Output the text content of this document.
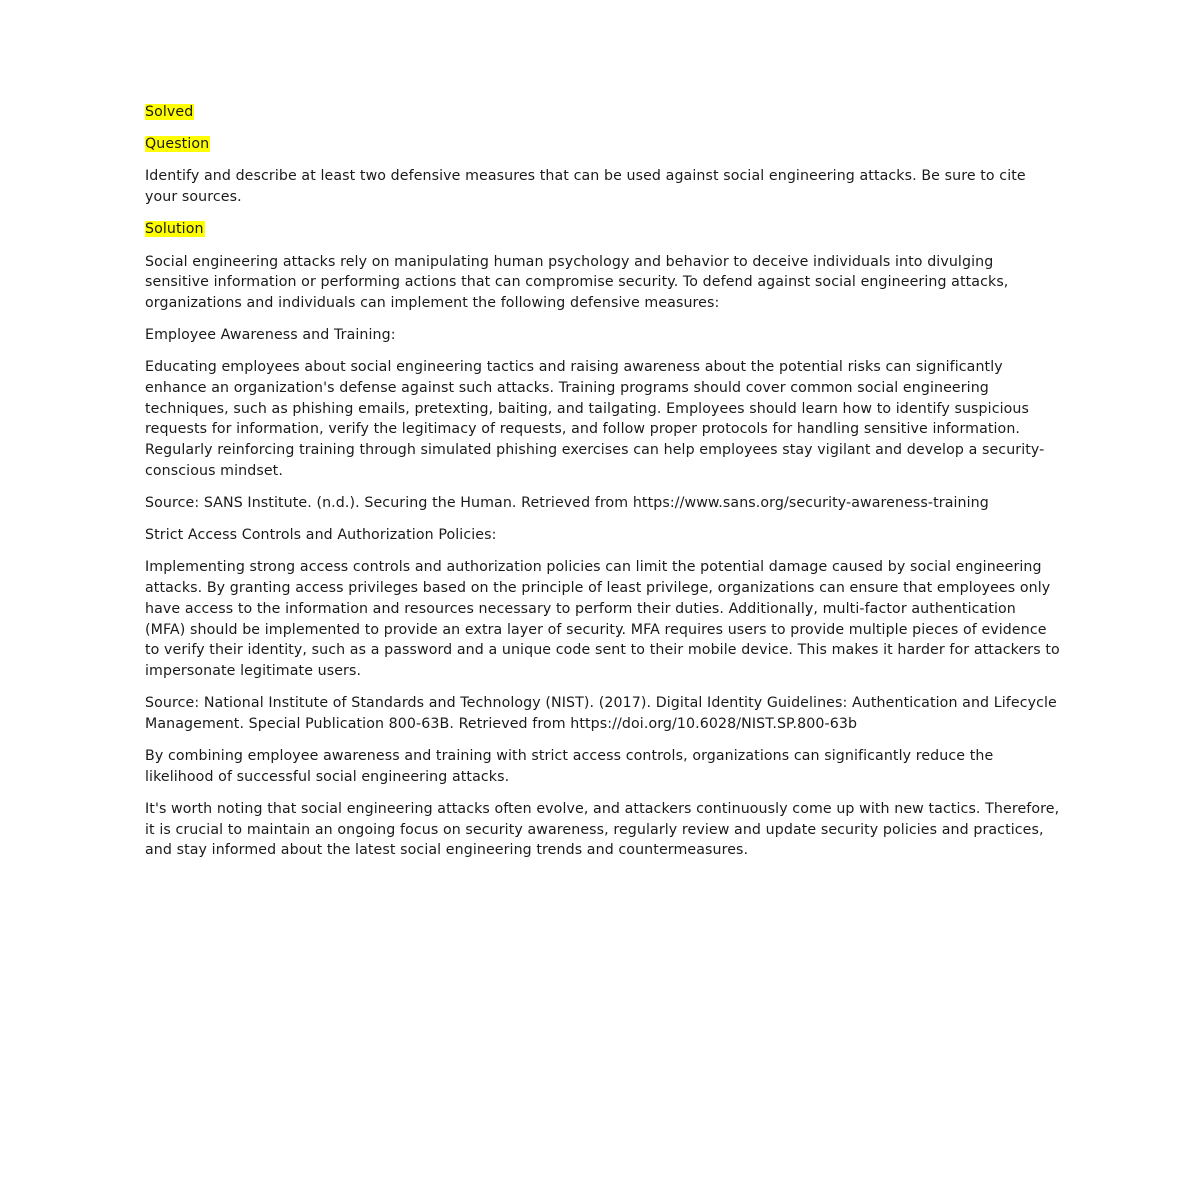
Solved

Question

Identify and describe at least two defensive measures that can be used against social engineering attacks. Be sure to cite your sources.

Solution

Social engineering attacks rely on manipulating human psychology and behavior to deceive individuals into divulging sensitive information or performing actions that can compromise security. To defend against social engineering attacks, organizations and individuals can implement the following defensive measures:

Employee Awareness and Training:

Educating employees about social engineering tactics and raising awareness about the potential risks can significantly enhance an organization's defense against such attacks. Training programs should cover common social engineering techniques, such as phishing emails, pretexting, baiting, and tailgating. Employees should learn how to identify suspicious requests for information, verify the legitimacy of requests, and follow proper protocols for handling sensitive information. Regularly reinforcing training through simulated phishing exercises can help employees stay vigilant and develop a security-conscious mindset.

Source: SANS Institute. (n.d.). Securing the Human. Retrieved from https://www.sans.org/security-awareness-training

Strict Access Controls and Authorization Policies:

Implementing strong access controls and authorization policies can limit the potential damage caused by social engineering attacks. By granting access privileges based on the principle of least privilege, organizations can ensure that employees only have access to the information and resources necessary to perform their duties. Additionally, multi-factor authentication (MFA) should be implemented to provide an extra layer of security. MFA requires users to provide multiple pieces of evidence to verify their identity, such as a password and a unique code sent to their mobile device. This makes it harder for attackers to impersonate legitimate users.

Source: National Institute of Standards and Technology (NIST). (2017). Digital Identity Guidelines: Authentication and Lifecycle Management. Special Publication 800-63B. Retrieved from https://doi.org/10.6028/NIST.SP.800-63b

By combining employee awareness and training with strict access controls, organizations can significantly reduce the likelihood of successful social engineering attacks.

It's worth noting that social engineering attacks often evolve, and attackers continuously come up with new tactics. Therefore, it is crucial to maintain an ongoing focus on security awareness, regularly review and update security policies and practices, and stay informed about the latest social engineering trends and countermeasures.
